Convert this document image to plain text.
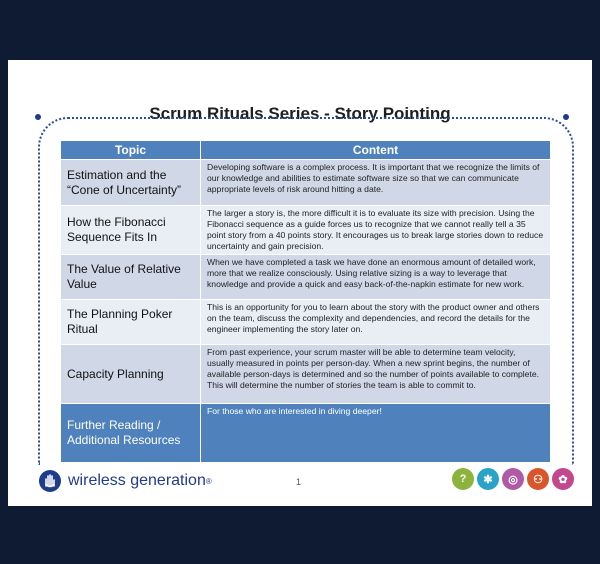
Scrum Rituals Series - Story Pointing
Topic	Content
Estimation and the “Cone of Uncertainty”	Developing software is a complex process. It is important that we recognize the limits of our knowledge and abilities to estimate software size so that we can communicate appropriate levels of risk around hitting a date.
How the Fibonacci Sequence Fits In	The larger a story is, the more difficult it is to evaluate its size with precision. Using the Fibonacci sequence as a guide forces us to recognize that we cannot really tell a 35 point story from a 40 points story. It encourages us to break large stories down to reduce uncertainty and gain precision.
The Value of Relative Value	When we have completed a task we have done an enormous amount of detailed work, more that we realize consciously. Using relative sizing is a way to leverage that knowledge and provide a quick and easy back-of-the-napkin estimate for new work.
The Planning Poker Ritual	This is an opportunity for you to learn about the story with the product owner and others on the team, discuss the complexity and dependencies, and record the details for the engineer implementing the story later on.
Capacity Planning	From past experience, your scrum master will be able to determine team velocity, usually measured in points per person-day. When a new sprint begins, the number of available person-days is determined and so the number of points available to complete. This will determine the number of stories the team is able to commit to.
Further Reading / Additional Resources	For those who are interested in diving deeper!
wireless generation ®	1	?	✱	◎	⚇	✿
